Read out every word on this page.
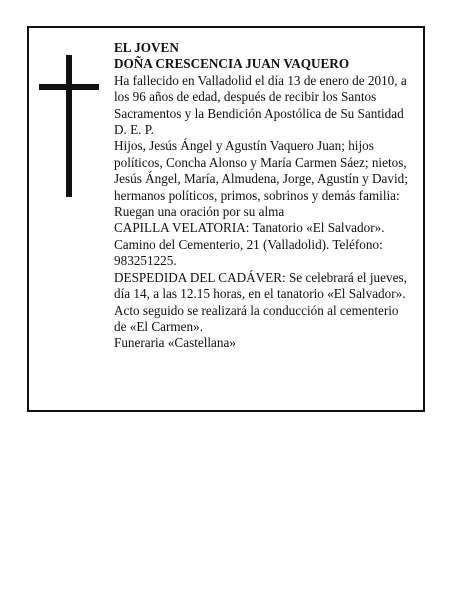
EL JOVEN

DOÑA CRESCENCIA JUAN VAQUERO

Ha fallecido en Valladolid el día 13 de enero de 2010, a

los 96 años de edad, después de recibir los Santos

Sacramentos y la Bendición Apostólica de Su Santidad

D. E. P.

Hijos, Jesús Ángel y Agustín Vaquero Juan; hijos

políticos, Concha Alonso y María Carmen Sáez; nietos,

Jesús Ángel, María, Almudena, Jorge, Agustín y David;

hermanos políticos, primos, sobrinos y demás familia:

Ruegan una oración por su alma

CAPILLA VELATORIA: Tanatorio «El Salvador».

Camino del Cementerio, 21 (Valladolid). Teléfono:

983251225.

DESPEDIDA DEL CADÁVER: Se celebrará el jueves,

día 14, a las 12.15 horas, en el tanatorio «El Salvador».

Acto seguido se realizará la conducción al cementerio

de «El Carmen».

Funeraria «Castellana»
